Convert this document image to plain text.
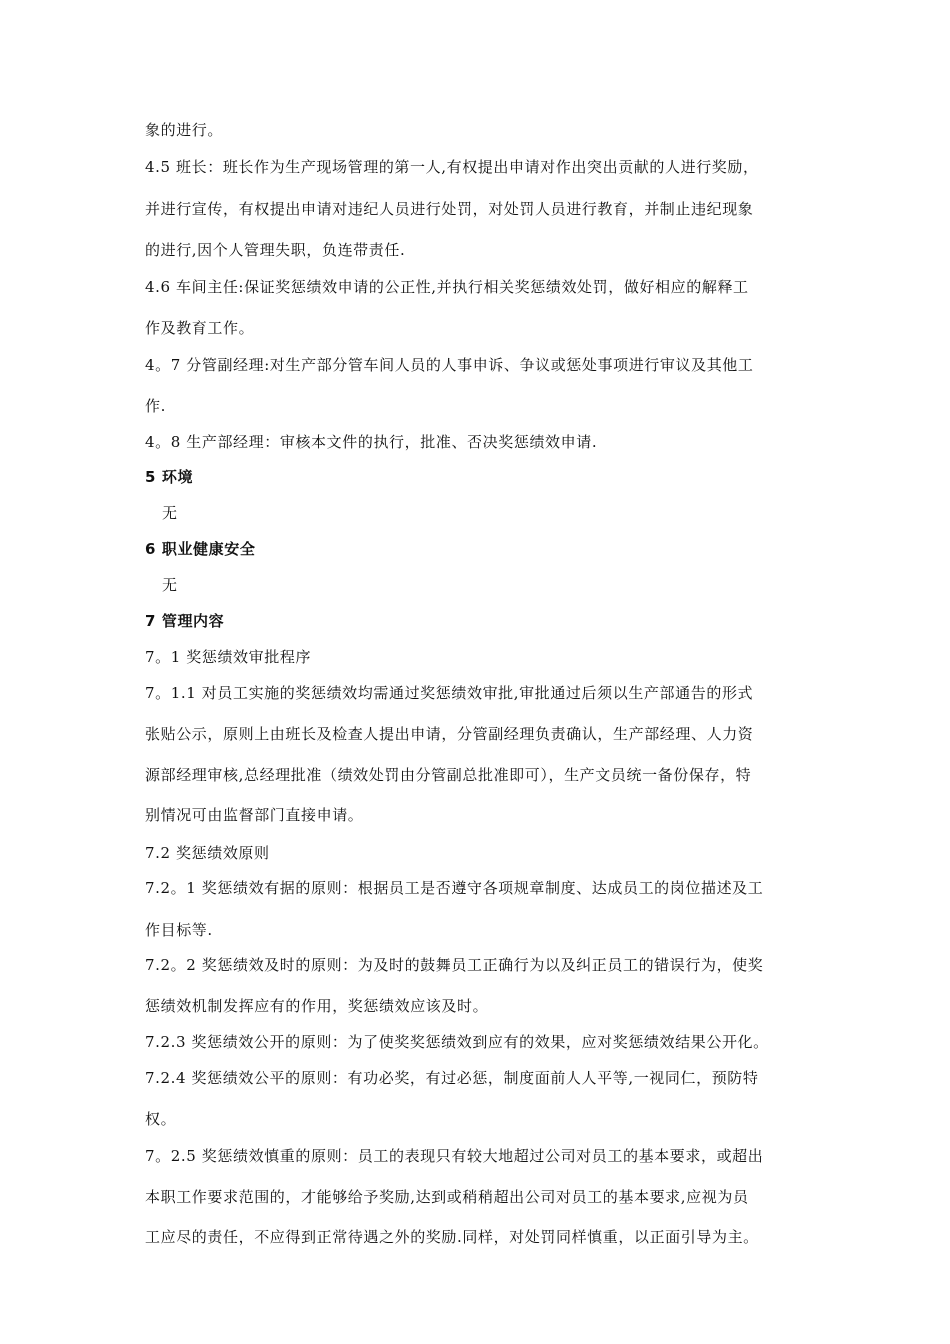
象的进行。
4.5 班长：班长作为生产现场管理的第一人,有权提出申请对作出突出贡献的人进行奖励，
并进行宣传，有权提出申请对违纪人员进行处罚，对处罚人员进行教育，并制止违纪现象
的进行,因个人管理失职，负连带责任.
4.6 车间主任:保证奖惩绩效申请的公正性,并执行相关奖惩绩效处罚，做好相应的解释工
作及教育工作。
4。7 分管副经理:对生产部分管车间人员的人事申诉、争议或惩处事项进行审议及其他工
作.
4。8 生产部经理：审核本文件的执行，批准、否决奖惩绩效申请.
5 环境
无
6 职业健康安全
无
7 管理内容
7。1 奖惩绩效审批程序
7。1.1 对员工实施的奖惩绩效均需通过奖惩绩效审批,审批通过后须以生产部通告的形式
张贴公示，原则上由班长及检查人提出申请，分管副经理负责确认，生产部经理、人力资
源部经理审核,总经理批准（绩效处罚由分管副总批准即可），生产文员统一备份保存，特
别情况可由监督部门直接申请。
7.2 奖惩绩效原则
7.2。1 奖惩绩效有据的原则：根据员工是否遵守各项规章制度、达成员工的岗位描述及工
作目标等.
7.2。2 奖惩绩效及时的原则：为及时的鼓舞员工正确行为以及纠正员工的错误行为，使奖
惩绩效机制发挥应有的作用，奖惩绩效应该及时。
7.2.3 奖惩绩效公开的原则：为了使奖奖惩绩效到应有的效果，应对奖惩绩效结果公开化。
7.2.4 奖惩绩效公平的原则：有功必奖，有过必惩，制度面前人人平等,一视同仁，预防特
权。
7。2.5 奖惩绩效慎重的原则：员工的表现只有较大地超过公司对员工的基本要求，或超出
本职工作要求范围的，才能够给予奖励,达到或稍稍超出公司对员工的基本要求,应视为员
工应尽的责任，不应得到正常待遇之外的奖励.同样，对处罚同样慎重，以正面引导为主。
